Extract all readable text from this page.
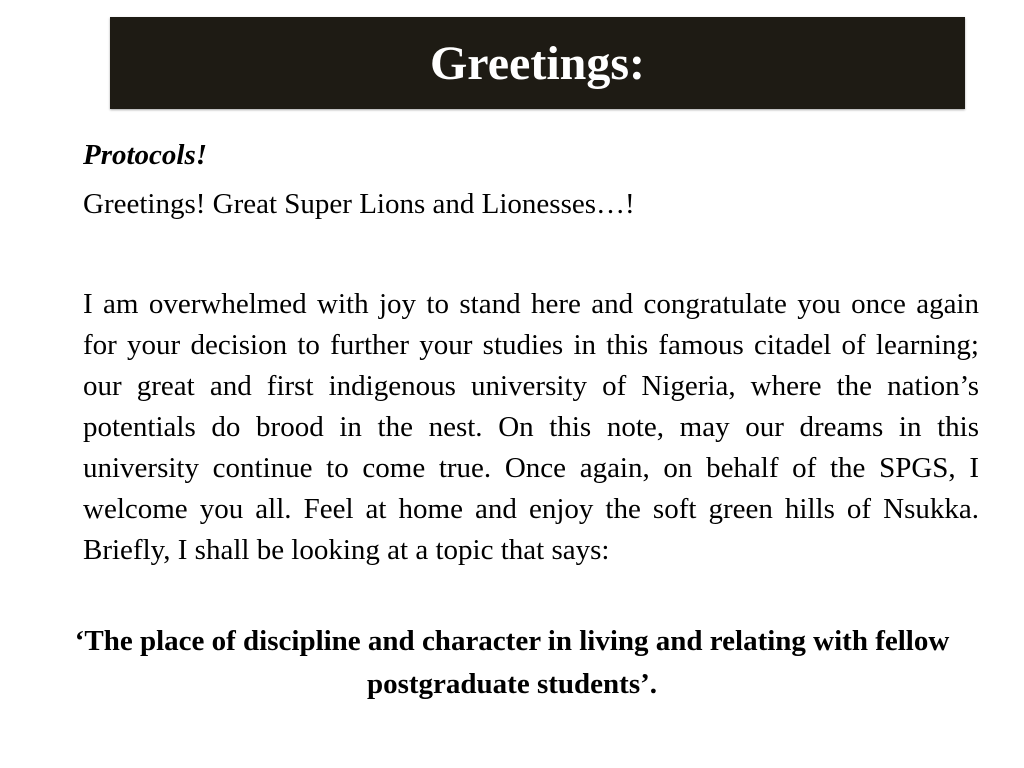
Greetings:
Protocols!
Greetings! Great Super Lions and Lionesses…!
I am overwhelmed with joy to stand here and congratulate you once again for your decision to further your studies in this famous citadel of learning; our great and first indigenous university of Nigeria, where the nation’s potentials do brood in the nest. On this note, may our dreams in this university continue to come true. Once again, on behalf of the SPGS, I welcome you all. Feel at home and enjoy the soft green hills of Nsukka. Briefly, I shall be looking at a topic that says:
‘The place of discipline and character in living and relating with fellow postgraduate students’.
